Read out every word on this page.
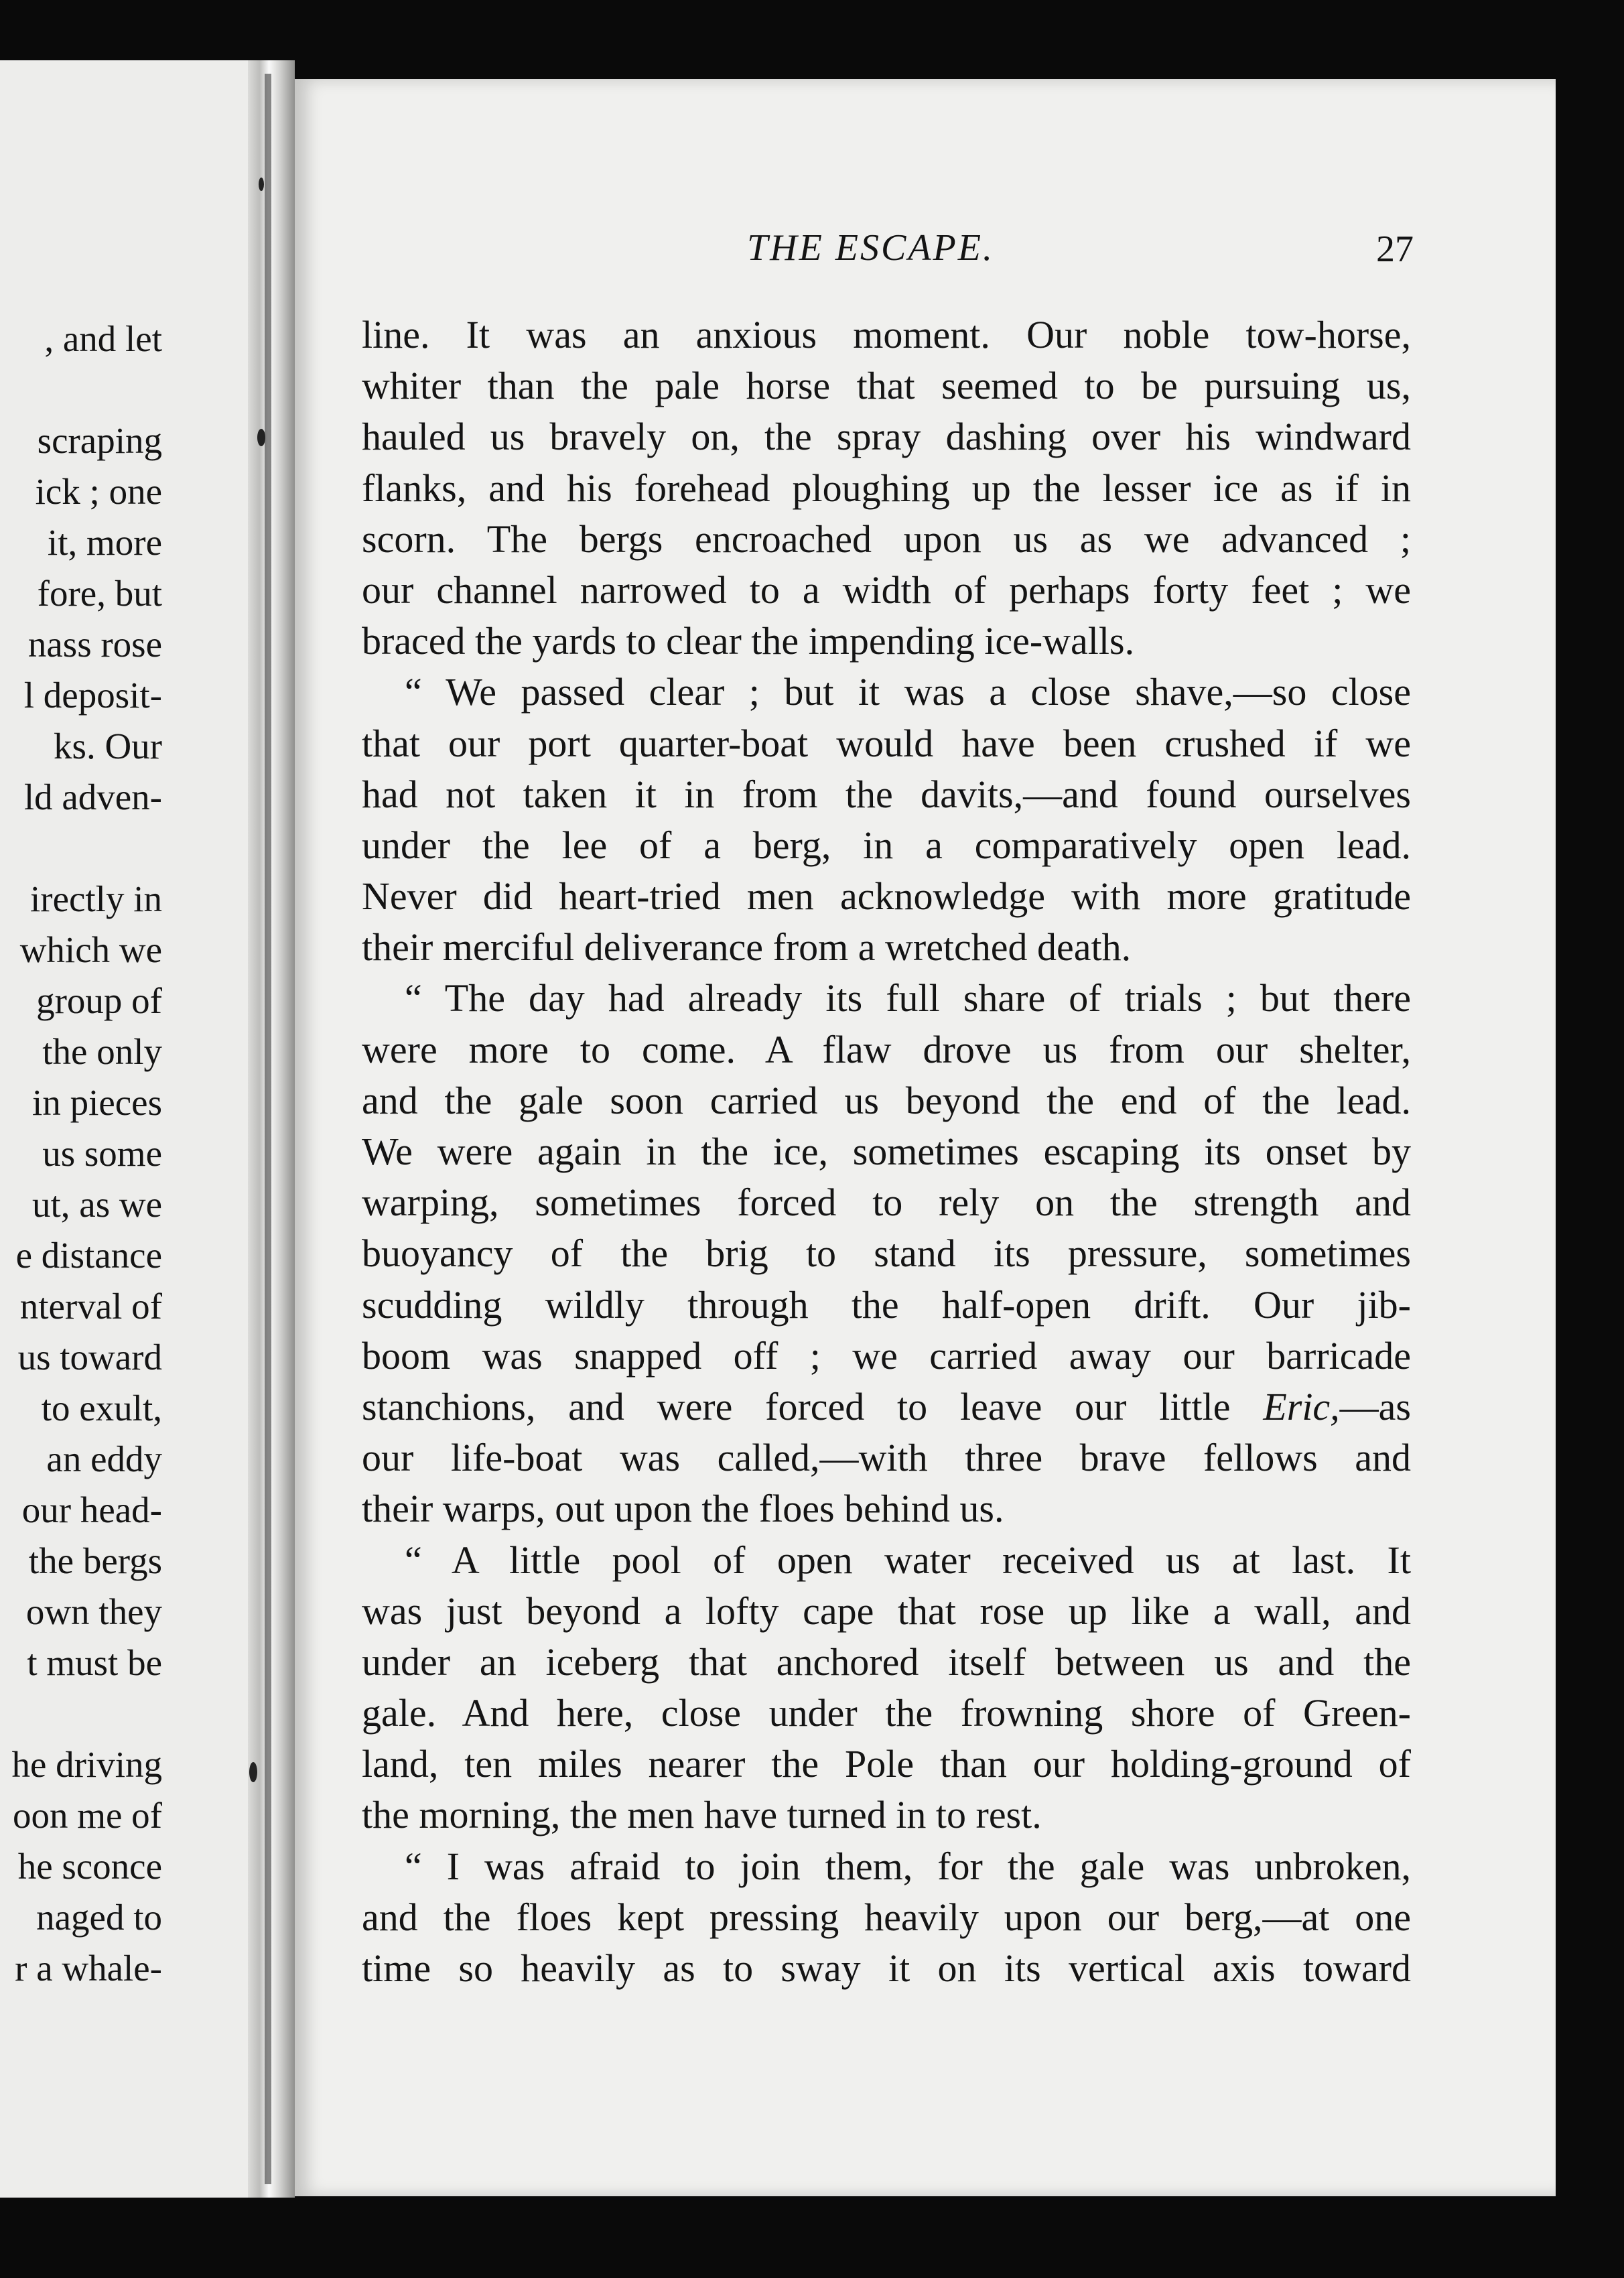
, and let
scraping
ick ; one
it, more
fore, but
nass rose
l deposit-
ks. Our
ld adven-
irectly in
which we
group of
the only
in pieces
us some
ut, as we
e distance
nterval of
us toward
to exult,
an eddy
our head-
the bergs
own they
t must be
he driving
oon me of
he sconce
naged to
r a whale-
THE ESCAPE.	27
line. It was an anxious moment. Our noble tow-horse,
whiter than the pale horse that seemed to be pursuing us,
hauled us bravely on, the spray dashing over his windward
flanks, and his forehead ploughing up the lesser ice as if in
scorn. The bergs encroached upon us as we advanced ;
our channel narrowed to a width of perhaps forty feet ; we
braced the yards to clear the impending ice-walls.
“ We passed clear ; but it was a close shave,—so close
that our port quarter-boat would have been crushed if we
had not taken it in from the davits,—and found ourselves
under the lee of a berg, in a comparatively open lead.
Never did heart-tried men acknowledge with more gratitude
their merciful deliverance from a wretched death.
“ The day had already its full share of trials ; but there
were more to come. A flaw drove us from our shelter,
and the gale soon carried us beyond the end of the lead.
We were again in the ice, sometimes escaping its onset by
warping, sometimes forced to rely on the strength and
buoyancy of the brig to stand its pressure, sometimes
scudding wildly through the half-open drift. Our jib-
boom was snapped off ; we carried away our barricade
stanchions, and were forced to leave our little Eric,—as
our life-boat was called,—with three brave fellows and
their warps, out upon the floes behind us.
“ A little pool of open water received us at last. It
was just beyond a lofty cape that rose up like a wall, and
under an iceberg that anchored itself between us and the
gale. And here, close under the frowning shore of Green-
land, ten miles nearer the Pole than our holding-ground of
the morning, the men have turned in to rest.
“ I was afraid to join them, for the gale was unbroken,
and the floes kept pressing heavily upon our berg,—at one
time so heavily as to sway it on its vertical axis toward
